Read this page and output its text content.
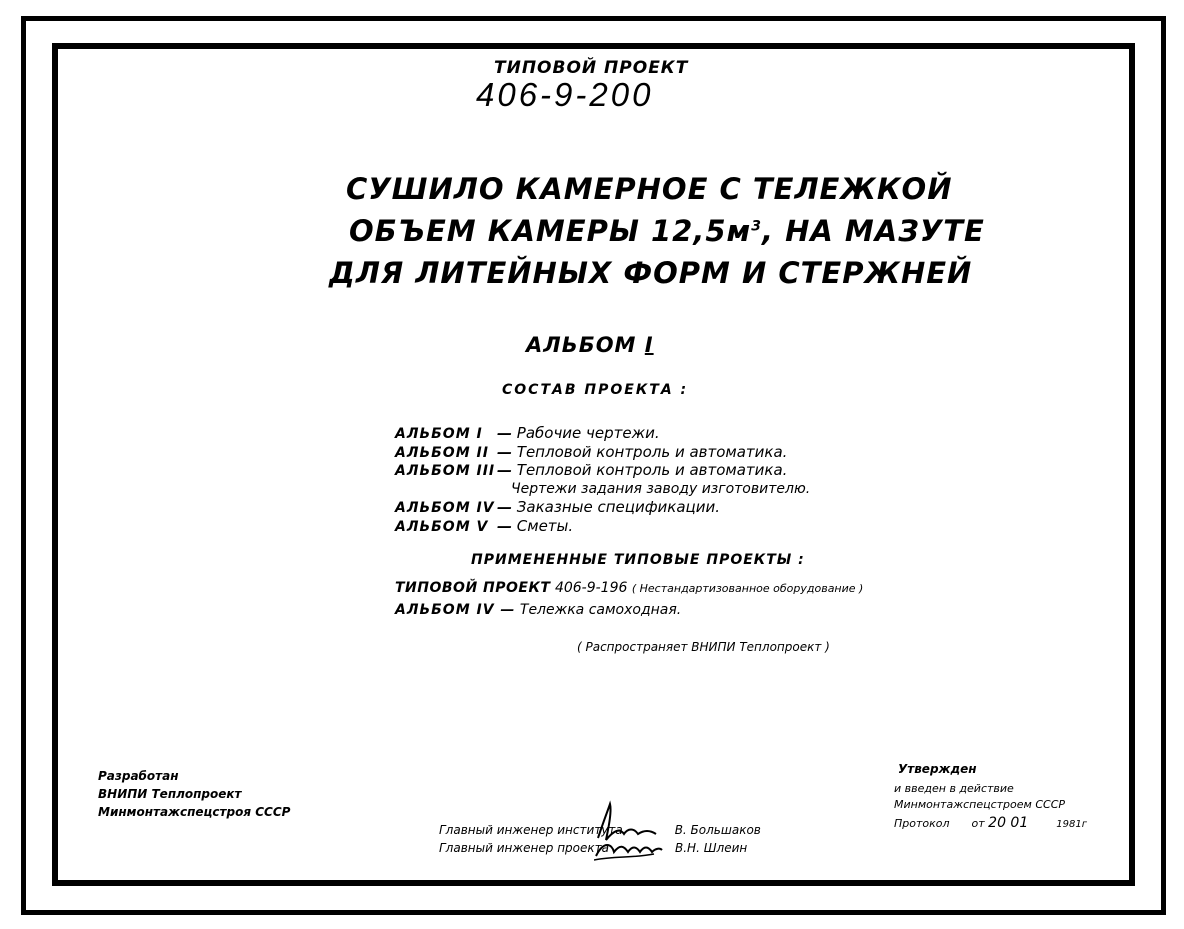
ТИПОВОЙ ПРОЕКТ

406-9-200

СУШИЛО КАМЕРНОЕ С ТЕЛЕЖКОЙ

ОБЪЕМ КАМЕРЫ $12,5м^3$, НА МАЗУТЕ

ДЛЯ ЛИТЕЙНЫХ ФОРМ И СТЕРЖНЕЙ

АЛЬБОМ I

СОСТАВ ПРОЕКТА :

АЛЬБОМ I — Рабочие чертежи.

АЛЬБОМ II — Тепловой контроль и автоматика.

АЛЬБОМ III — Тепловой контроль и автоматика.

Чертежи задания заводу изготовителю.

АЛЬБОМ IV — Заказные спецификации.

АЛЬБОМ V — Сметы.

ПРИМЕНЕННЫЕ ТИПОВЫЕ ПРОЕКТЫ :

ТИПОВОЙ ПРОЕКТ 406-9-196 ( Нестандартизованное оборудование )

АЛЬБОМ IV — Тележка самоходная.

( Распространяет ВНИПИ Теплопроект )

Разработан

ВНИПИ Теплопроект

Минмонтажспецстроя СССР

Главный инженер института	В. Большаков

Главный инженер проекта	В.Н. Шлеин

Утвержден

и введен в действие

Минмонтажспецстроем СССР

Протокол от 20 01	1981г
